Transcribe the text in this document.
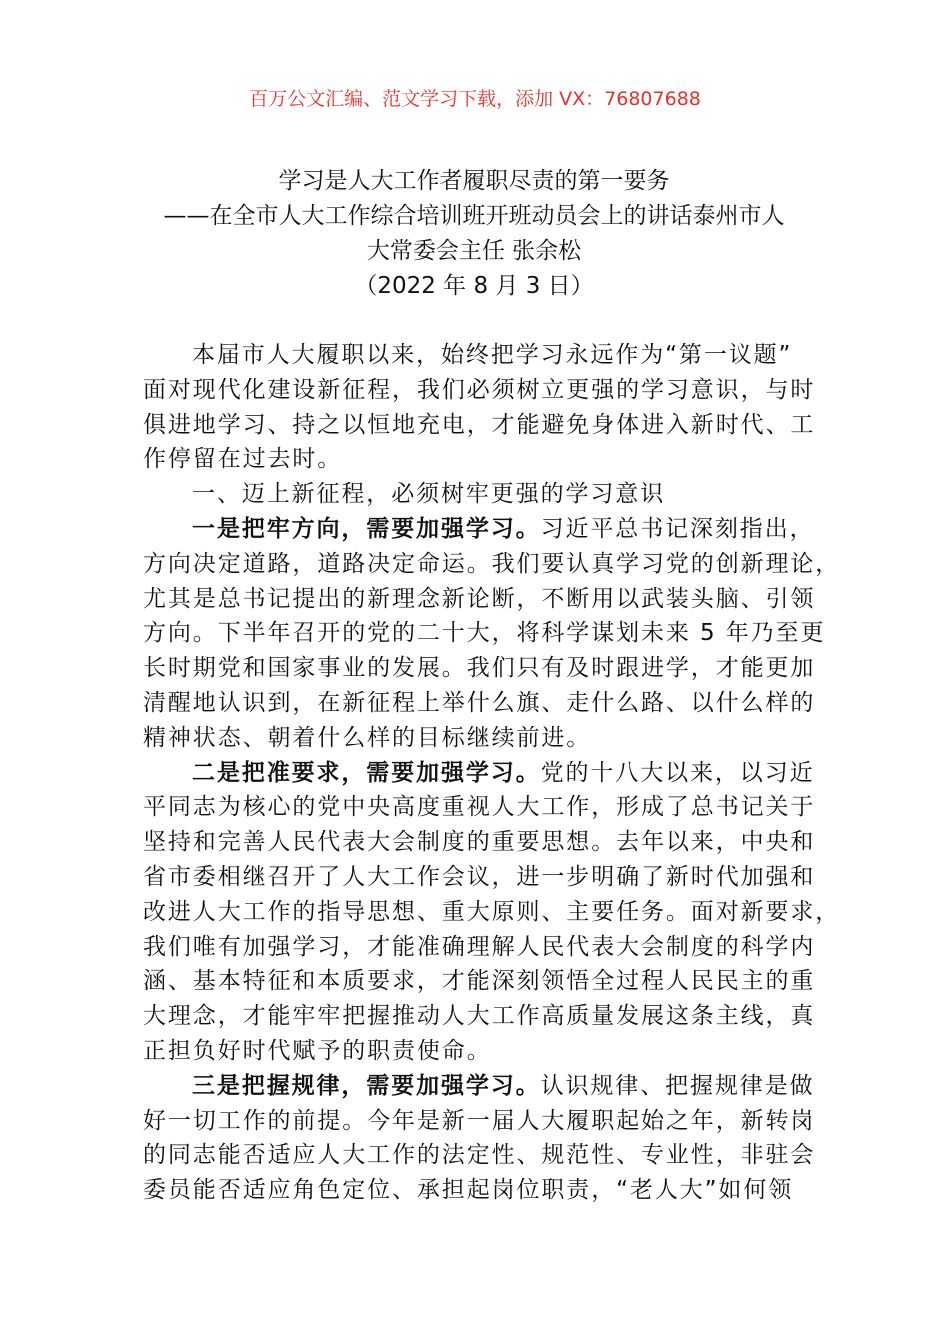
百万公文汇编、范文学习下载，添加 VX：76807688
学习是人大工作者履职尽责的第一要务
——在全市人大工作综合培训班开班动员会上的讲话泰州市人
大常委会主任 张余松
（2022 年 8 月 3 日）
本届市人大履职以来，始终把学习永远作为“第一议题”
面对现代化建设新征程，我们必须树立更强的学习意识，与时
俱进地学习、持之以恒地充电，才能避免身体进入新时代、工
作停留在过去时。
一、迈上新征程，必须树牢更强的学习意识
一是把牢方向，需要加强学习。习近平总书记深刻指出，
方向决定道路，道路决定命运。我们要认真学习党的创新理论，
尤其是总书记提出的新理念新论断，不断用以武装头脑、引领
方向。下半年召开的党的二十大，将科学谋划未来 5 年乃至更
长时期党和国家事业的发展。我们只有及时跟进学，才能更加
清醒地认识到，在新征程上举什么旗、走什么路、以什么样的
精神状态、朝着什么样的目标继续前进。
二是把准要求，需要加强学习。党的十八大以来，以习近
平同志为核心的党中央高度重视人大工作，形成了总书记关于
坚持和完善人民代表大会制度的重要思想。去年以来，中央和
省市委相继召开了人大工作会议，进一步明确了新时代加强和
改进人大工作的指导思想、重大原则、主要任务。面对新要求，
我们唯有加强学习，才能准确理解人民代表大会制度的科学内
涵、基本特征和本质要求，才能深刻领悟全过程人民民主的重
大理念，才能牢牢把握推动人大工作高质量发展这条主线，真
正担负好时代赋予的职责使命。
三是把握规律，需要加强学习。认识规律、把握规律是做
好一切工作的前提。今年是新一届人大履职起始之年，新转岗
的同志能否适应人大工作的法定性、规范性、专业性，非驻会
委员能否适应角色定位、承担起岗位职责，“老人大”如何领
